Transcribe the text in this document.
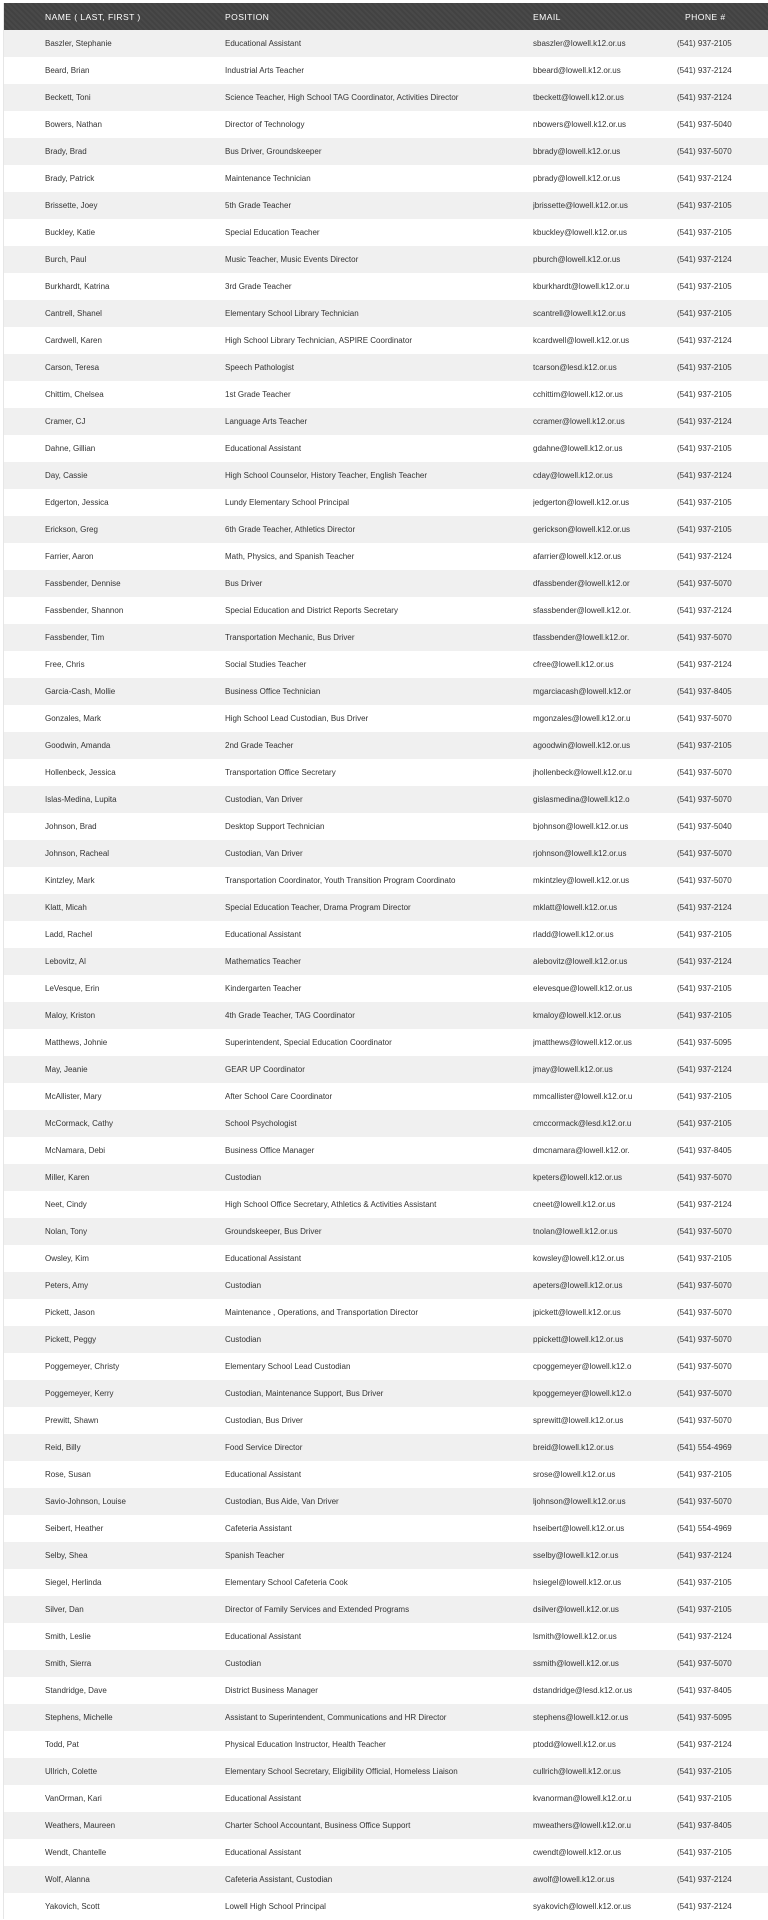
NAME ( LAST, FIRST )	POSITION	EMAIL	PHONE #
Baszler, Stephanie	Educational Assistant	sbaszler@lowell.k12.or.us	(541) 937-2105
Beard, Brian	Industrial Arts Teacher	bbeard@lowell.k12.or.us	(541) 937-2124
Beckett, Toni	Science Teacher, High School TAG Coordinator, Activities Director	tbeckett@lowell.k12.or.us	(541) 937-2124
Bowers, Nathan	Director of Technology	nbowers@lowell.k12.or.us	(541) 937-5040
Brady, Brad	Bus Driver, Groundskeeper	bbrady@lowell.k12.or.us	(541) 937-5070
Brady, Patrick	Maintenance Technician	pbrady@lowell.k12.or.us	(541) 937-2124
Brissette, Joey	5th Grade Teacher	jbrissette@lowell.k12.or.us	(541) 937-2105
Buckley, Katie	Special Education Teacher	kbuckley@lowell.k12.or.us	(541) 937-2105
Burch, Paul	Music Teacher, Music Events Director	pburch@lowell.k12.or.us	(541) 937-2124
Burkhardt, Katrina	3rd Grade Teacher	kburkhardt@lowell.k12.or.u	(541) 937-2105
Cantrell, Shanel	Elementary School Library Technician	scantrell@lowell.k12.or.us	(541) 937-2105
Cardwell, Karen	High School Library Technician, ASPIRE Coordinator	kcardwell@lowell.k12.or.us	(541) 937-2124
Carson, Teresa	Speech Pathologist	tcarson@lesd.k12.or.us	(541) 937-2105
Chittim, Chelsea	1st Grade Teacher	cchittim@lowell.k12.or.us	(541) 937-2105
Cramer, CJ	Language Arts Teacher	ccramer@lowell.k12.or.us	(541) 937-2124
Dahne, Gillian	Educational Assistant	gdahne@lowell.k12.or.us	(541) 937-2105
Day, Cassie	High School Counselor, History Teacher, English Teacher	cday@lowell.k12.or.us	(541) 937-2124
Edgerton, Jessica	Lundy Elementary School Principal	jedgerton@lowell.k12.or.us	(541) 937-2105
Erickson, Greg	6th Grade Teacher, Athletics Director	gerickson@lowell.k12.or.us	(541) 937-2105
Farrier, Aaron	Math, Physics, and Spanish Teacher	afarrier@lowell.k12.or.us	(541) 937-2124
Fassbender, Dennise	Bus Driver	dfassbender@lowell.k12.or	(541) 937-5070
Fassbender, Shannon	Special Education and District Reports Secretary	sfassbender@lowell.k12.or.	(541) 937-2124
Fassbender, Tim	Transportation Mechanic, Bus Driver	tfassbender@lowell.k12.or.	(541) 937-5070
Free, Chris	Social Studies Teacher	cfree@lowell.k12.or.us	(541) 937-2124
Garcia-Cash, Mollie	Business Office Technician	mgarciacash@lowell.k12.or	(541) 937-8405
Gonzales, Mark	High School Lead Custodian, Bus Driver	mgonzales@lowell.k12.or.u	(541) 937-5070
Goodwin, Amanda	2nd Grade Teacher	agoodwin@lowell.k12.or.us	(541) 937-2105
Hollenbeck, Jessica	Transportation Office Secretary	jhollenbeck@lowell.k12.or.u	(541) 937-5070
Islas-Medina, Lupita	Custodian, Van Driver	gislasmedina@lowell.k12.o	(541) 937-5070
Johnson, Brad	Desktop Support Technician	bjohnson@lowell.k12.or.us	(541) 937-5040
Johnson, Racheal	Custodian, Van Driver	rjohnson@lowell.k12.or.us	(541) 937-5070
Kintzley, Mark	Transportation Coordinator, Youth Transition Program Coordinato	mkintzley@lowell.k12.or.us	(541) 937-5070
Klatt, Micah	Special Education Teacher, Drama Program Director	mklatt@lowell.k12.or.us	(541) 937-2124
Ladd, Rachel	Educational Assistant	rladd@lowell.k12.or.us	(541) 937-2105
Lebovitz, Al	Mathematics Teacher	alebovitz@lowell.k12.or.us	(541) 937-2124
LeVesque, Erin	Kindergarten Teacher	elevesque@lowell.k12.or.us	(541) 937-2105
Maloy, Kriston	4th Grade Teacher, TAG Coordinator	kmaloy@lowell.k12.or.us	(541) 937-2105
Matthews, Johnie	Superintendent, Special Education Coordinator	jmatthews@lowell.k12.or.us	(541) 937-5095
May, Jeanie	GEAR UP Coordinator	jmay@lowell.k12.or.us	(541) 937-2124
McAllister, Mary	After School Care Coordinator	mmcallister@lowell.k12.or.u	(541) 937-2105
McCormack, Cathy	School Psychologist	cmccormack@lesd.k12.or.u	(541) 937-2105
McNamara, Debi	Business Office Manager	dmcnamara@lowell.k12.or.	(541) 937-8405
Miller, Karen	Custodian	kpeters@lowell.k12.or.us	(541) 937-5070
Neet, Cindy	High School Office Secretary, Athletics & Activities Assistant	cneet@lowell.k12.or.us	(541) 937-2124
Nolan, Tony	Groundskeeper, Bus Driver	tnolan@lowell.k12.or.us	(541) 937-5070
Owsley, Kim	Educational Assistant	kowsley@lowell.k12.or.us	(541) 937-2105
Peters, Amy	Custodian	apeters@lowell.k12.or.us	(541) 937-5070
Pickett, Jason	Maintenance , Operations, and Transportation Director	jpickett@lowell.k12.or.us	(541) 937-5070
Pickett, Peggy	Custodian	ppickett@lowell.k12.or.us	(541) 937-5070
Poggemeyer, Christy	Elementary School Lead Custodian	cpoggemeyer@lowell.k12.o	(541) 937-5070
Poggemeyer, Kerry	Custodian, Maintenance Support, Bus Driver	kpoggemeyer@lowell.k12.o	(541) 937-5070
Prewitt, Shawn	Custodian, Bus Driver	sprewitt@lowell.k12.or.us	(541) 937-5070
Reid, Billy	Food Service Director	breid@lowell.k12.or.us	(541) 554-4969
Rose, Susan	Educational Assistant	srose@lowell.k12.or.us	(541) 937-2105
Savio-Johnson, Louise	Custodian, Bus Aide, Van Driver	ljohnson@lowell.k12.or.us	(541) 937-5070
Seibert, Heather	Cafeteria Assistant	hseibert@lowell.k12.or.us	(541) 554-4969
Selby, Shea	Spanish Teacher	sselby@lowell.k12.or.us	(541) 937-2124
Siegel, Herlinda	Elementary School Cafeteria Cook	hsiegel@lowell.k12.or.us	(541) 937-2105
Silver, Dan	Director of Family Services and Extended Programs	dsilver@lowell.k12.or.us	(541) 937-2105
Smith, Leslie	Educational Assistant	lsmith@lowell.k12.or.us	(541) 937-2124
Smith, Sierra	Custodian	ssmith@lowell.k12.or.us	(541) 937-5070
Standridge, Dave	District Business Manager	dstandridge@lesd.k12.or.us	(541) 937-8405
Stephens, Michelle	Assistant to Superintendent, Communications and HR Director	stephens@lowell.k12.or.us	(541) 937-5095
Todd, Pat	Physical Education Instructor, Health Teacher	ptodd@lowell.k12.or.us	(541) 937-2124
Ullrich, Colette	Elementary School Secretary, Eligibility Official, Homeless Liaison	cullrich@lowell.k12.or.us	(541) 937-2105
VanOrman, Kari	Educational Assistant	kvanorman@lowell.k12.or.u	(541) 937-2105
Weathers, Maureen	Charter School Accountant, Business Office Support	mweathers@lowell.k12.or.u	(541) 937-8405
Wendt, Chantelle	Educational Assistant	cwendt@lowell.k12.or.us	(541) 937-2105
Wolf, Alanna	Cafeteria Assistant, Custodian	awolf@lowell.k12.or.us	(541) 937-2124
Yakovich, Scott	Lowell High School Principal	syakovich@lowell.k12.or.us	(541) 937-2124
